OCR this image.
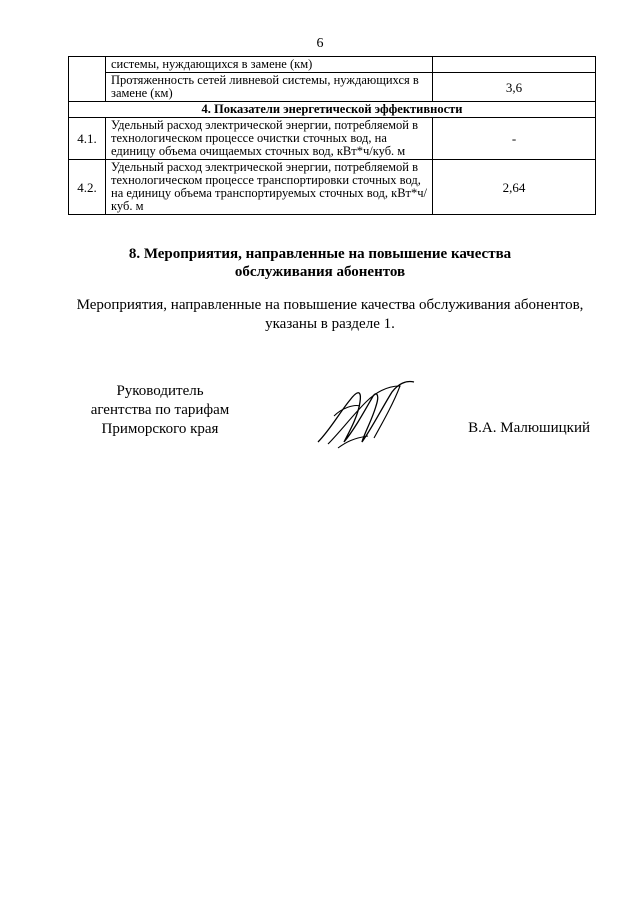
6
	системы, нуждающихся в замене (км)	
	Протяженность сетей ливневой системы, нуждающихся в замене (км)	3,6
4. Показатели энергетической эффективности		
4.1.	Удельный расход электрической энергии, потребляемой в технологическом процессе очистки сточных вод, на единицу объема очищаемых сточных вод, кВт*ч/куб. м	-
4.2.	Удельный расход электрической энергии, потребляемой в технологическом процессе транспортировки сточных вод, на единицу объема транспортируемых сточных вод, кВт*ч/куб. м	2,64
8. Мероприятия, направленные на повышение качества
обслуживания абонентов
Мероприятия, направленные на повышение качества обслуживания абонентов,
указаны в разделе 1.
Руководитель
агентства по тарифам
Приморского края	В.А. Малюшицкий
